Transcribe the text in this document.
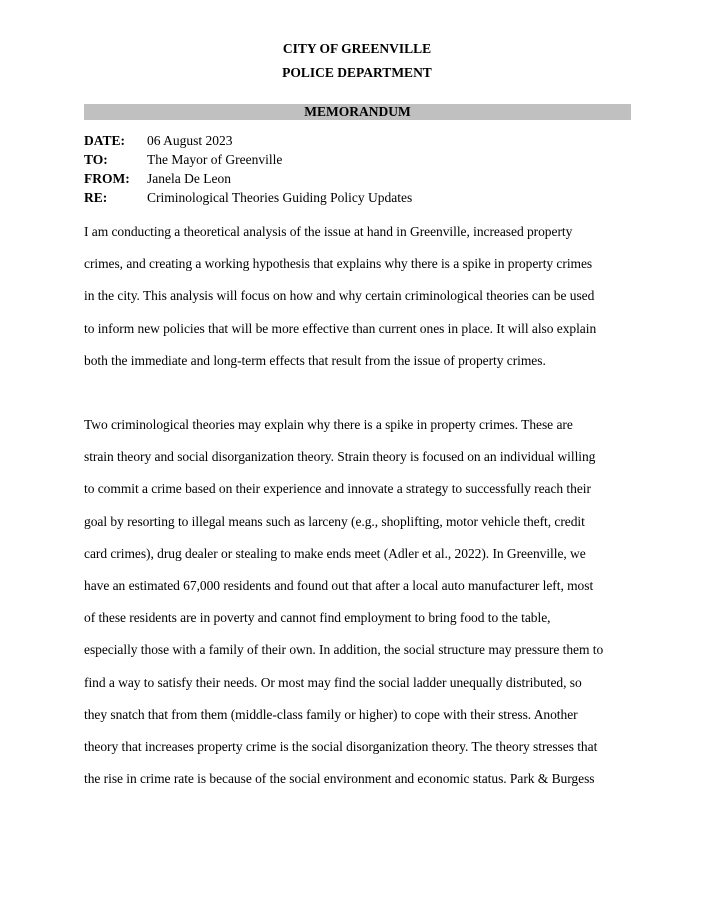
CITY OF GREENVILLE
POLICE DEPARTMENT
MEMORANDUM
DATE:	06 August 2023
TO:	The Mayor of Greenville
FROM:	Janela De Leon
RE:	Criminological Theories Guiding Policy Updates

I am conducting a theoretical analysis of the issue at hand in Greenville, increased property
crimes, and creating a working hypothesis that explains why there is a spike in property crimes
in the city. This analysis will focus on how and why certain criminological theories can be used
to inform new policies that will be more effective than current ones in place. It will also explain
both the immediate and long-term effects that result from the issue of property crimes.

Two criminological theories may explain why there is a spike in property crimes. These are
strain theory and social disorganization theory. Strain theory is focused on an individual willing
to commit a crime based on their experience and innovate a strategy to successfully reach their
goal by resorting to illegal means such as larceny (e.g., shoplifting, motor vehicle theft, credit
card crimes), drug dealer or stealing to make ends meet (Adler et al., 2022). In Greenville, we
have an estimated 67,000 residents and found out that after a local auto manufacturer left, most
of these residents are in poverty and cannot find employment to bring food to the table,
especially those with a family of their own. In addition, the social structure may pressure them to
find a way to satisfy their needs. Or most may find the social ladder unequally distributed, so
they snatch that from them (middle-class family or higher) to cope with their stress. Another
theory that increases property crime is the social disorganization theory. The theory stresses that
the rise in crime rate is because of the social environment and economic status. Park & Burgess
